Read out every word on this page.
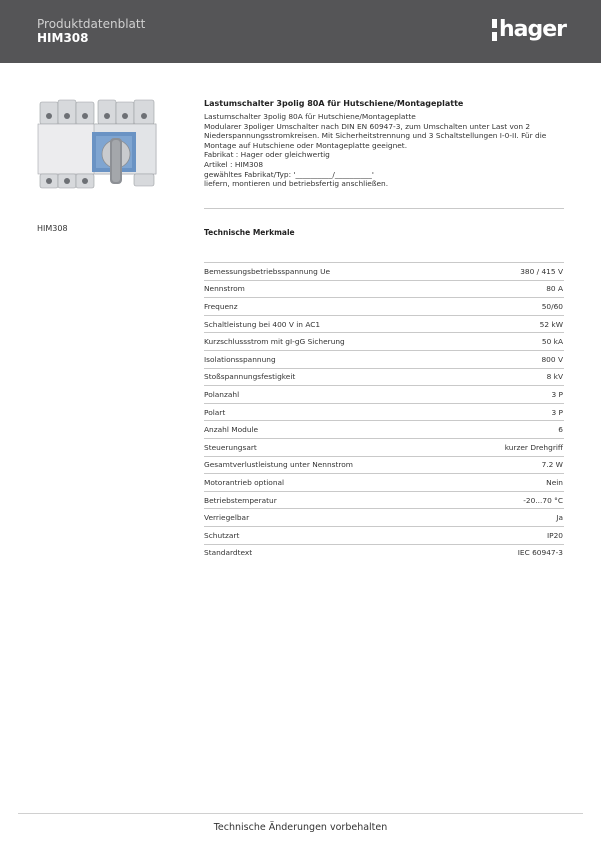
Produktdatenblatt
HIM308	hager
HIM308
Lastumschalter 3polig 80A für Hutschiene/Montageplatte
Lastumschalter 3polig 80A für Hutschiene/Montageplatte
Modularer 3poliger Umschalter nach DIN EN 60947-3, zum Umschalten unter Last von 2
Niederspannungsstromkreisen. Mit Sicherheitstrennung und 3 Schaltstellungen I-0-II. Für die
Montage auf Hutschiene oder Montageplatte geeignet.
Fabrikat : Hager oder gleichwertig
Artikel : HIM308
gewähltes Fabrikat/Typ: '__________/__________'
liefern, montieren und betriebsfertig anschließen.
Technische Merkmale
Bemessungsbetriebsspannung Ue	380 / 415 V
Nennstrom	80 A
Frequenz	50/60
Schaltleistung bei 400 V in AC1	52 kW
Kurzschlussstrom mit gI-gG Sicherung	50 kA
Isolationsspannung	800 V
Stoßspannungsfestigkeit	8 kV
Polanzahl	3 P
Polart	3 P
Anzahl Module	6
Steuerungsart	kurzer Drehgriff
Gesamtverlustleistung unter Nennstrom	7.2 W
Motorantrieb optional	Nein
Betriebstemperatur	-20...70 °C
Verriegelbar	Ja
Schutzart	IP20
Standardtext	IEC 60947-3
Technische Änderungen vorbehalten
